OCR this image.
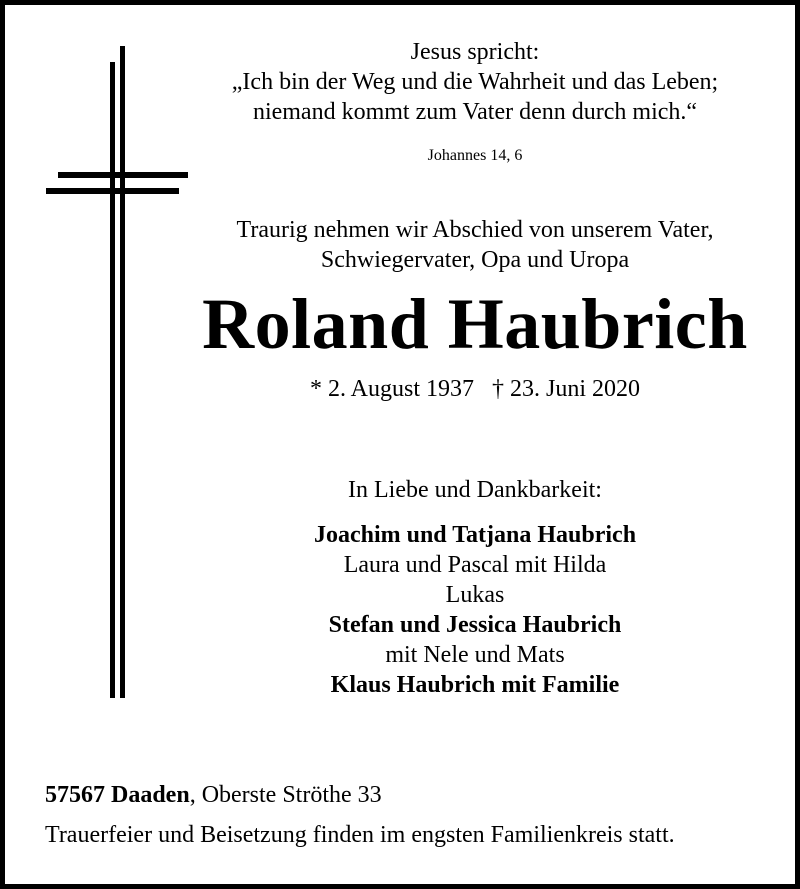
Jesus spricht:
„Ich bin der Weg und die Wahrheit und das Leben;
niemand kommt zum Vater denn durch mich.“
Johannes 14, 6
Traurig nehmen wir Abschied von unserem Vater,
Schwiegervater, Opa und Uropa
Roland Haubrich
* 2. August 1937 † 23. Juni 2020
In Liebe und Dankbarkeit:
Joachim und Tatjana Haubrich
Laura und Pascal mit Hilda
Lukas
Stefan und Jessica Haubrich
mit Nele und Mats
Klaus Haubrich mit Familie
57567 Daaden, Oberste Ströthe 33
Trauerfeier und Beisetzung finden im engsten Familienkreis statt.
